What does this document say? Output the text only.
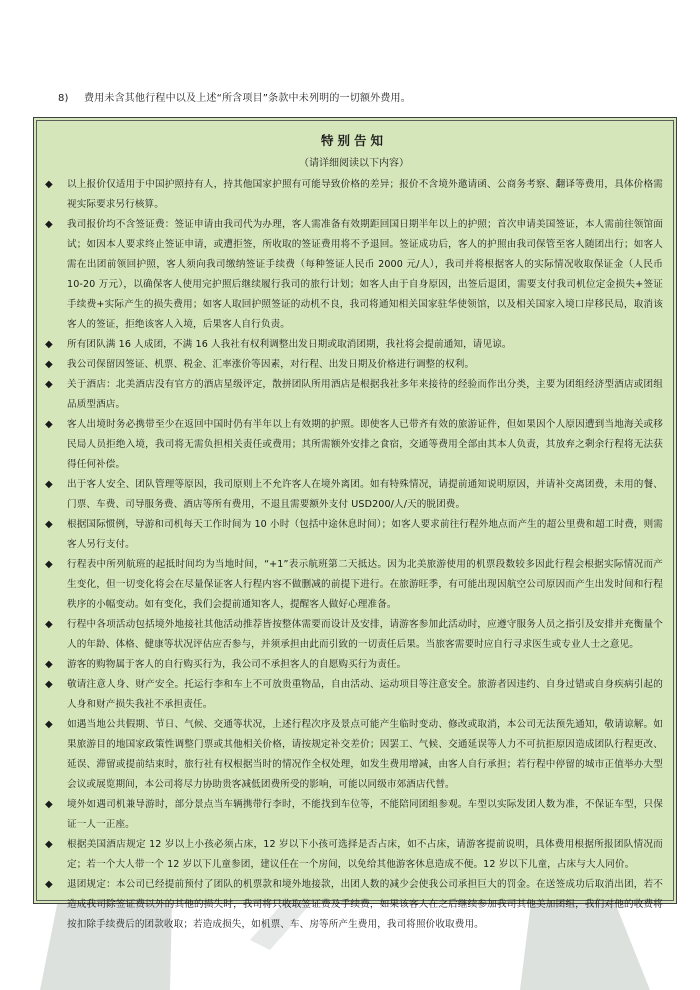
8) 费用未含其他行程中以及上述“所含项目”条款中未列明的一切额外费用。
特别告知
（请详细阅读以下内容）
◆ 以上报价仅适用于中国护照持有人，持其他国家护照有可能导致价格的差异；报价不含境外邀请函、公商务考察、翻译等费用，具体价格需视实际要求另行核算。
◆ 我司报价均不含签证费：签证申请由我司代为办理，客人需准备有效期距回国日期半年以上的护照；首次申请美国签证，本人需前往领馆面试；如因本人要求终止签证申请，或遭拒签，所收取的签证费用将不予退回。签证成功后，客人的护照由我司保管至客人随团出行；如客人需在出团前领回护照，客人须向我司缴纳签证手续费（每种签证人民币 2000 元/人），我司并将根据客人的实际情况收取保证金（人民币 10-20 万元），以确保客人使用完护照后继续履行我司的旅行计划；如客人由于自身原因，出签后退团，需要支付我司机位定金损失+签证手续费+实际产生的损失费用；如客人取回护照签证的动机不良，我司将通知相关国家驻华使领馆，以及相关国家入境口岸移民局，取消该客人的签证，拒绝该客人入境，后果客人自行负责。
◆ 所有团队满 16 人成团，不满 16 人我社有权利调整出发日期或取消团期，我社将会提前通知，请见谅。
◆ 我公司保留因签证、机票、税金、汇率涨价等因素，对行程、出发日期及价格进行调整的权利。
◆ 关于酒店：北美酒店没有官方的酒店星级评定，散拼团队所用酒店是根据我社多年来接待的经验而作出分类，主要为团组经济型酒店或团组品质型酒店。
◆ 客人出境时务必携带至少在返回中国时仍有半年以上有效期的护照。即使客人已带齐有效的旅游证件，但如果因个人原因遭到当地海关或移民局人员拒绝入境，我司将无需负担相关责任或费用；其所需额外安排之食宿，交通等费用全部由其本人负责，其放弃之剩余行程将无法获得任何补偿。
◆ 出于客人安全、团队管理等原因，我司原则上不允许客人在境外离团。如有特殊情况，请提前通知说明原因，并请补交离团费，未用的餐、门票、车费、司导服务费、酒店等所有费用，不退且需要额外支付 USD200/人/天的脱团费。
◆ 根据国际惯例，导游和司机每天工作时间为 10 小时（包括中途休息时间）；如客人要求前往行程外地点而产生的超公里费和超工时费，则需客人另行支付。
◆ 行程表中所列航班的起抵时间均为当地时间，“+1”表示航班第二天抵达。因为北美旅游使用的机票段数较多因此行程会根据实际情况而产生变化，但一切变化将会在尽量保证客人行程内容不做删减的前提下进行。在旅游旺季，有可能出现因航空公司原因而产生出发时间和行程秩序的小幅变动。如有变化，我们会提前通知客人，提醒客人做好心理准备。
◆ 行程中各项活动包括境外地接社其他活动推荐皆按整体需要而设计及安排，请游客参加此活动时，应遵守服务人员之指引及安排并充衡量个人的年龄、体格、健康等状况评估应否参与，并须承担由此而引致的一切责任后果。当旅客需要时应自行寻求医生或专业人士之意见。
◆ 游客的购物属于客人的自行购买行为，我公司不承担客人的自愿购买行为责任。
◆ 敬请注意人身、财产安全。托运行李和车上不可放贵重物品，自由活动、运动项目等注意安全。旅游者因违约、自身过错或自身疾病引起的人身和财产损失我社不承担责任。
◆ 如遇当地公共假期、节日、气候、交通等状况，上述行程次序及景点可能产生临时变动、修改或取消，本公司无法预先通知，敬请谅解。如果旅游目的地国家政策性调整门票或其他相关价格，请按规定补交差价；因罢工、气候、交通延误等人力不可抗拒原因造成团队行程更改、延误、滞留或提前结束时，旅行社有权根据当时的情况作全权处理，如发生费用增减，由客人自行承担；若行程中停留的城市正值举办大型会议或展览期间，本公司将尽力协助贵客减低团费所受的影响，可能以同级市郊酒店代替。
◆ 境外如遇司机兼导游时，部分景点当车辆携带行李时，不能找到车位等，不能陪同团组参观。车型以实际发团人数为准，不保证车型，只保证一人一正座。
◆ 根据美国酒店规定 12 岁以上小孩必须占床，12 岁以下小孩可选择是否占床，如不占床，请游客提前说明，具体费用根据所报团队情况而定；若一个大人带一个 12 岁以下儿童参团，建议任在一个房间，以免给其他游客休息造成不便。12 岁以下儿童，占床与大人同价。
◆ 退团规定：本公司已经提前预付了团队的机票款和境外地接款，出团人数的减少会使我公司承担巨大的罚金。在送签成功后取消出团，若不造成我司除签证费以外的其他的损失时，我司将只收取签证费及手续费，如果该客人在之后继续参加我司其他美加团组，我们对他的收费将按扣除手续费后的团款收取；若造成损失，如机票、车、房等所产生费用，我司将照价收取费用。
